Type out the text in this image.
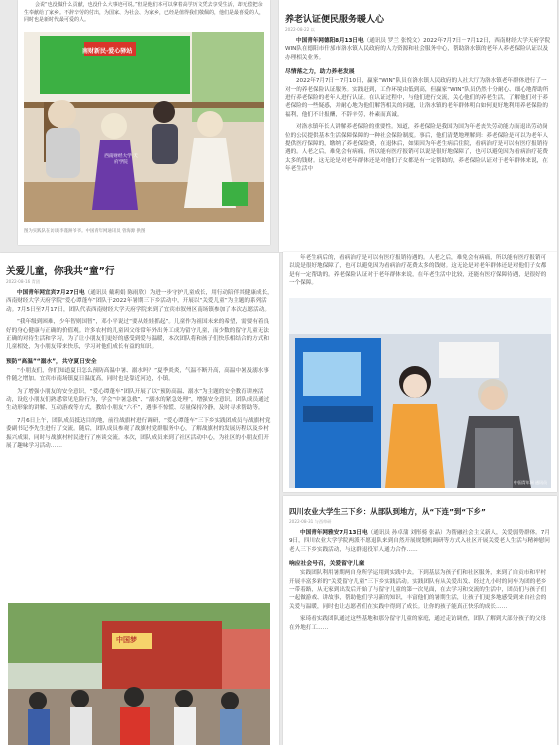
会说“也没做什么贡献，也没什么大事迹可说。”但是他们本可以拿着高学历文凭去享受生活，却无偿把余生奉献给了家乡。不辞辛劳的付出，为国家、为社会、为家乡，已经是值得我们敬佩的，他们是最喜爱的人，同时也是新时代最可爱的人。

南财新民·爱心驿站
西南财经大学 天府学院

图为实践队在访谈李谨洲爷爷。中国青年网通讯员 曾海源 供图

养老认证便民服务暖人心
2022-08-22 以

中国青年网德阳8月13日电（通讯员 罗兰 张悦文）2022年7月7日－7月12日，西南财经大学天府学院WIN队在德阳市什邡市洛水镇人民政府的人力资源和社会服务中心，帮助洛水镇的老年人养老保险认证以及办理相关业务。

尽情落之力，助力养老发展

2022年7月7日－7月10日，赢家“WIN”队员在洛水镇人民政府的人社大厅为洛水镇老年群体进行了一对一的养老保险认证服务。实践赶到，工作环境由低到高，但赢家“WIN”队员仍然十分耐心、细心地帮助所进行养老保险的老年人进行认证。在认证过程中，与他们进行交流，关心他们的养老生活，了解他们对于养老保险的一些疑惑，并耐心地为他们解答相关的问题，让洛水镇的老年群体明白如何更好地利用养老保险的福利，他们不计报酬，不辞辛劳，朴素而真诚。

对洛水镇年长人讲解养老保险的重要性。知道，养老保险是我国为国为年老丧失劳动能力而退出劳动岗位的公民提供基本生活保障保障的一种社会保险制度。事后，他们清楚地理解到：养老保险是可以为老年人提供医疗保障的，缴纳了养老保险费，在退休后，如果因为年老生病后住院，看病治疗是可以有医疗报销待遇的。人老之后，难免会有病痛，所以能有医疗报销可以说是很好地保障了，也可以避免因为看病治疗花费太多的钱财。这无论是对老年群体还是对他们子女都是有一定帮助的，养老保险认证对于老年群体来说，在年老生活中

关爱儿童，你我共“童”行
2022-08-16 青团

中国青年网宜宾7月27日电（通讯员 戴莉娟 陈雨欣）为进一步守护儿童成长，用行动陪伴其健康成长，西南财经大学天府学院“爱心谭蓬车”团队于2022年暑期三下乡活动中，开展以“关爱儿童”为主题的系列活动。7月5日至7月17日，团队代表西南财经大学天府学院来到了宜宾市叙州区南场镇参加了本次志愿活动。

“我年级到困难，少年智则国智”，邓小平说过“要从娃娃抓起”。儿童作为祖国未来的希望，需要有着良好的身心健康与正确的价值观。许多农村的儿童因父母常年外出务工成为留守儿童，而少数的留守儿童无法正确的对待生活和学习，为了让小朋友们更好的感受到爱与温暖，本次团队将和孩子们快乐相结合的方式和儿童相处，为小朋友带来快乐，学习对他们成长有益的知识。

预防“高温”“溺水”，共守夏日安全

“小朋友们，你们知道夏日怎么预防高温中暑、溺水吗？”夏季炎炎，气温不断升高，高温中暑及溺水事件随之增加。宜宾市南场镇夏日温度高，同时也是靠近河边，小镇。

为了增强小朋友的安全意识，“爱心谭蓬车”团队开展了以“预防高温、溺水”为主题的安全教育讲座活动，设危小朋友们熟悉常见危险行为，学会“中暑急救”、“溺水的紧急处理”，增强安全意识。团队成员通过生动形象的讲解、互动游戏等方式，教给小朋友“六不”，遇事不惊慌、尽量保持冷静，及时寻求帮助等。

7月6日上午，团队成员抵达目的地，前往战旗村进行调研，“爱心谭蓬车”三下乡实践团成员与战旗村党委副书记李先生进行了交流。随后，团队成员参观了战旗村党群服务中心，了解战旗村的发展历程以及乡村振兴成果，同时与战旗村村民进行了座谈交流。本次，团队成员来到了社区活动中心，为社区的小朋友们开展了趣味学习活动……

中国梦

年老生病后的，看病治疗是可以有医疗报销待遇的。人老之后，难免会有病痛，所以能有医疗报销可以说是很好地保障了，也可以避免因为看病治疗花费太多的钱财。这无论是对老年群体还是对他们子女都是有一定帮助的。养老保险认证对于老年群体来说，在年老生活中比较，还能有医疗保障待遇，是很好的一个保障。

中国青年网 通讯员
四川农业大学生三下乡：从部队到地方，从“下连”到“下乡”
2022-08-31 与西草研

中国青年网雅安7月13日电（通讯员 孙卓蒲 刘彤骑 张晶）为帮融社会主义新人，关爱弱势群体。7月9日，四川农业大学学院两派不愿退队来到自然开展规划机调研等方式入社区开展关爱老人生活与精神慰问老人三下乡实践活动，与这群退役军人通力合作……

响应社会号召，关爱留守儿童

实践团队利用暑期两自身所学运用到实践中去。下到基层为孩子们和社区服务，来到了自贡市和平村开展丰富多彩的“关爱留守儿童”三下乡实践活动。实践团队有从关爱出发、经过九小时的同车为团的老乡一带着路，从无家到出发后开始了与留守儿童的第一次见面，在去学习和交流的生活中，团员们与孩子们一起做游戏、讲故事，帮助他们学习新的知识，丰富他们的暑期生活，让孩子们更多地感受到来自社会的关爱与温暖，同时也让志愿者们在实践中得到了成长。让你的孩子能真正快乐的成长……

家琦看实践团队通过这些基地和那分留守儿童的家庭，通过走访调查，团队了解到大部分孩子的父母在外地打工……
